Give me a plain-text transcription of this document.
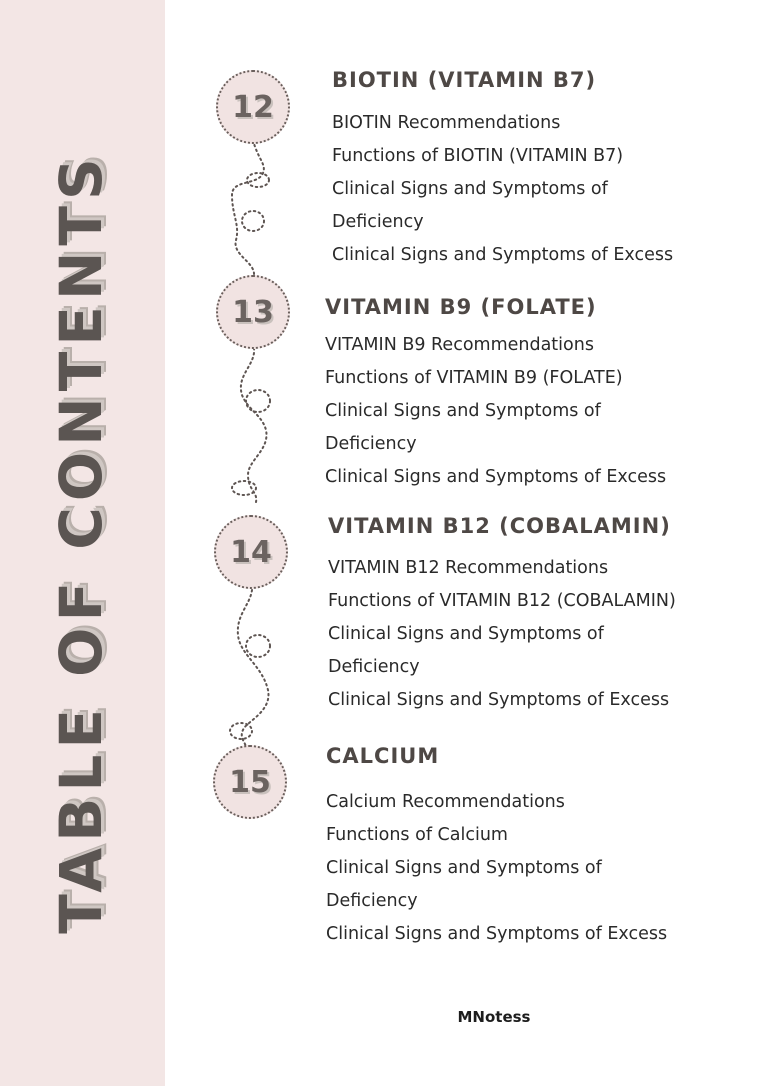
TABLE OF CONTENTS
12
13
14
15
BIOTIN (VITAMIN B7)
BIOTIN Recommendations
Functions of BIOTIN (VITAMIN B7)
Clinical Signs and Symptoms of
Deficiency
Clinical Signs and Symptoms of Excess
VITAMIN B9 (FOLATE)
VITAMIN B9 Recommendations
Functions of VITAMIN B9 (FOLATE)
Clinical Signs and Symptoms of
Deficiency
Clinical Signs and Symptoms of Excess
VITAMIN B12 (COBALAMIN)
VITAMIN B12 Recommendations
Functions of VITAMIN B12 (COBALAMIN)
Clinical Signs and Symptoms of
Deficiency
Clinical Signs and Symptoms of Excess
CALCIUM
Calcium Recommendations
Functions of Calcium
Clinical Signs and Symptoms of
Deficiency
Clinical Signs and Symptoms of Excess
MNotess
